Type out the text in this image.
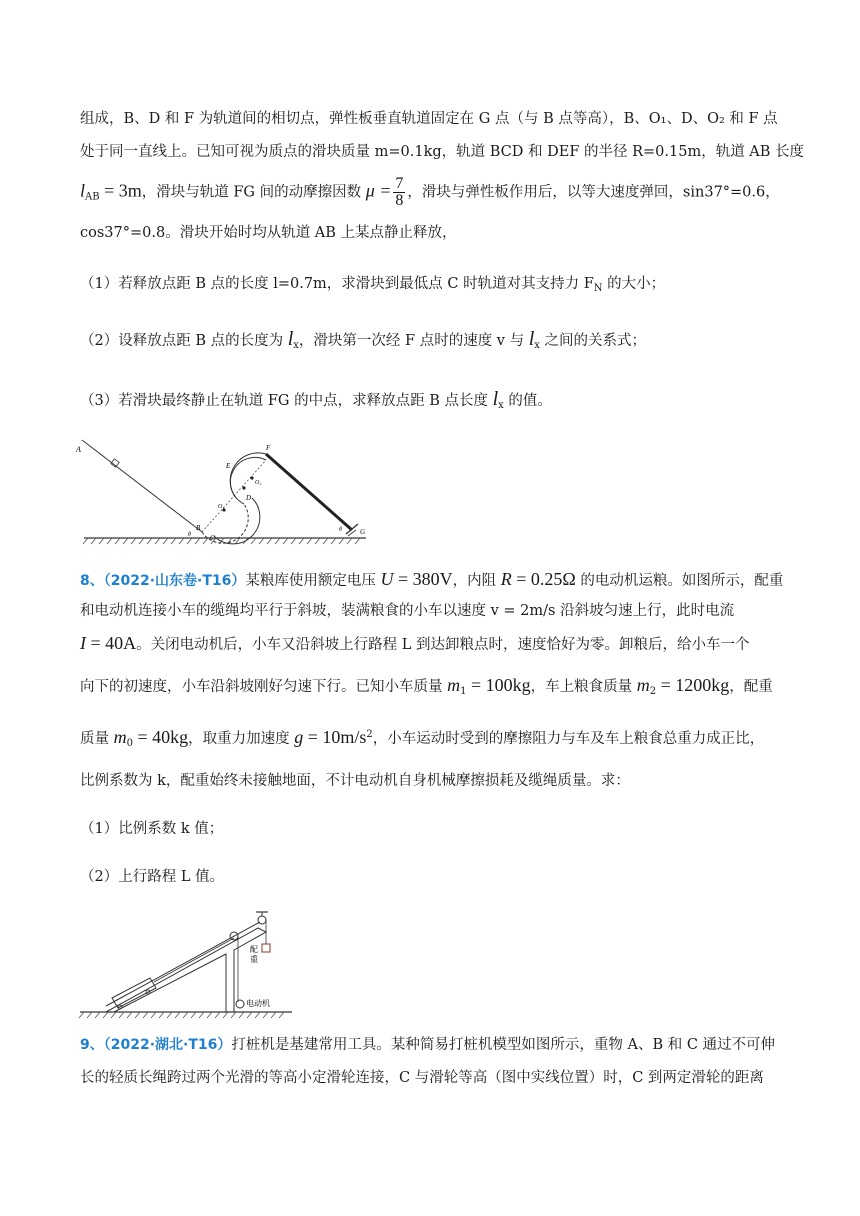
组成，B、D 和 F 为轨道间的相切点，弹性板垂直轨道固定在 G 点（与 B 点等高），B、O₁、D、O₂ 和 F 点
处于同一直线上。已知可视为质点的滑块质量 m=0.1kg，轨道 BCD 和 DEF 的半径 R=0.15m，轨道 AB 长度
$l_{AB} = 3m$，滑块与轨道 FG 间的动摩擦因数 $\mu = \frac{7}{8}$ ，滑块与弹性板作用后，以等大速度弹回，sin37°=0.6，
cos37°=0.8。滑块开始时均从轨道 AB 上某点静止释放，
（1）若释放点距 B 点的长度 l=0.7m，求滑块到最低点 C 时轨道对其支持力 $F_N$ 的大小；
（2）设释放点距 B 点的长度为 $l_x$，滑块第一次经 F 点时的速度 v 与 $l_x$ 之间的关系式；
（3）若滑块最终静止在轨道 FG 的中点，求释放点距 B 点长度 $l_x$ 的值。
A
B
C
D
E
F
G
O₁
O₂
θ
θ
8、（2022·山东卷·T16）某粮库使用额定电压 U = 380V，内阻 R = 0.25Ω 的电动机运粮。如图所示，配重
和电动机连接小车的缆绳均平行于斜坡，装满粮食的小车以速度 v = 2m/s 沿斜坡匀速上行，此时电流
I = 40A。关闭电动机后，小车又沿斜坡上行路程 L 到达卸粮点时，速度恰好为零。卸粮后，给小车一个
向下的初速度，小车沿斜坡刚好匀速下行。已知小车质量 $m_1 = 100kg$，车上粮食质量 $m_2 = 1200kg$，配重
质量 $m_0 = 40kg$，取重力加速度 $g = 10m/s^2$，小车运动时受到的摩擦阻力与车及车上粮食总重力成正比，
比例系数为 k，配重始终未接触地面，不计电动机自身机械摩擦损耗及缆绳质量。求：
（1）比例系数 k 值；
（2）上行路程 L 值。
配
重
电动机
9、（2022·湖北·T16）打桩机是基建常用工具。某种简易打桩机模型如图所示，重物 A、B 和 C 通过不可伸
长的轻质长绳跨过两个光滑的等高小定滑轮连接，C 与滑轮等高（图中实线位置）时，C 到两定滑轮的距离
